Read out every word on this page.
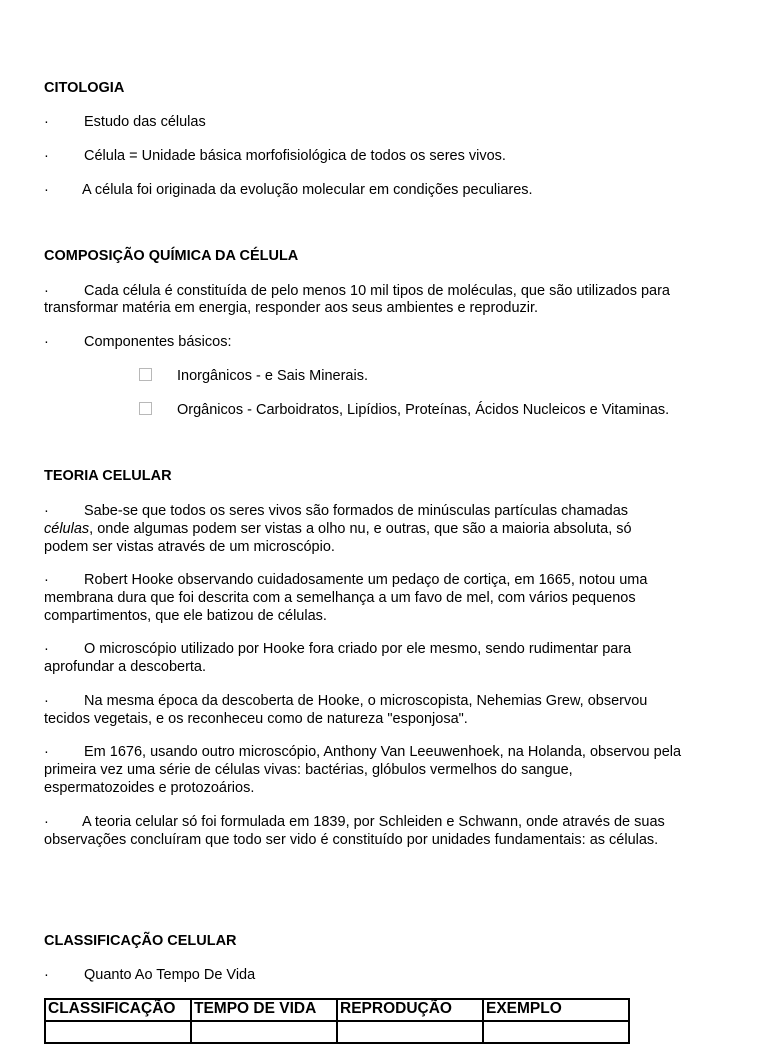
CITOLOGIA
· Estudo das células
· Célula = Unidade básica morfofisiológica de todos os seres vivos.
· A célula foi originada da evolução molecular em condições peculiares.
COMPOSIÇÃO QUÍMICA DA CÉLULA
· Cada célula é constituída de pelo menos 10 mil tipos de moléculas, que são utilizados para
transformar matéria em energia, responder aos seus ambientes e reproduzir.
· Componentes básicos:
Inorgânicos - e Sais Minerais.
Orgânicos - Carboidratos, Lipídios, Proteínas, Ácidos Nucleicos e Vitaminas.
TEORIA CELULAR
· Sabe-se que todos os seres vivos são formados de minúsculas partículas chamadas
células, onde algumas podem ser vistas a olho nu, e outras, que são a maioria absoluta, só
podem ser vistas através de um microscópio.
· Robert Hooke observando cuidadosamente um pedaço de cortiça, em 1665, notou uma
membrana dura que foi descrita com a semelhança a um favo de mel, com vários pequenos
compartimentos, que ele batizou de células.
· O microscópio utilizado por Hooke fora criado por ele mesmo, sendo rudimentar para
aprofundar a descoberta.
· Na mesma época da descoberta de Hooke, o microscopista, Nehemias Grew, observou
tecidos vegetais, e os reconheceu como de natureza "esponjosa".
· Em 1676, usando outro microscópio, Anthony Van Leeuwenhoek, na Holanda, observou pela
primeira vez uma série de células vivas: bactérias, glóbulos vermelhos do sangue,
espermatozoides e protozoários.
· A teoria celular só foi formulada em 1839, por Schleiden e Schwann, onde através de suas
observações concluíram que todo ser vido é constituído por unidades fundamentais: as células.
CLASSIFICAÇÃO CELULAR
· Quanto Ao Tempo De Vida
CLASSIFICAÇÃO	TEMPO DE VIDA	REPRODUÇÃO	EXEMPLO
